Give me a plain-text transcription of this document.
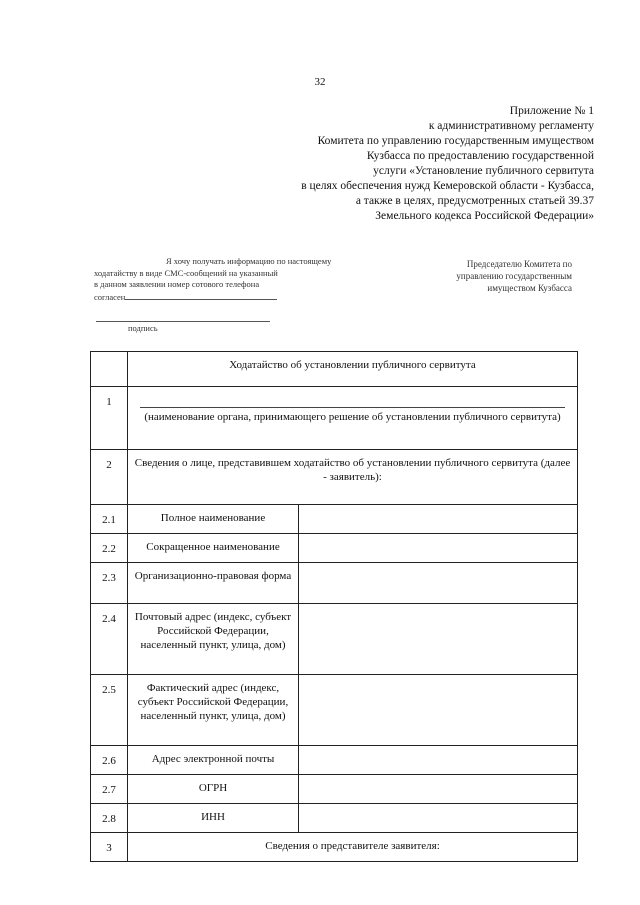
32
Приложение № 1
к административному регламенту
Комитета по управлению государственным имуществом
Кузбасса по предоставлению государственной
услуги «Установление публичного сервитута
в целях обеспечения нужд Кемеровской области - Кузбасса,
а также в целях, предусмотренных статьей 39.37
Земельного кодекса Российской Федерации»
Я хочу получать информацию по настоящему
ходатайству в виде СМС-сообщений на указанный
в данном заявлении номер сотового телефона
согласен
подпись
Председателю Комитета по
управлению государственным
имуществом Кузбасса
	Ходатайство об установлении публичного сервитута	
1	(наименование органа, принимающего решение об установлении публичного сервитута)	

2	Сведения о лице, представившем ходатайство об установлении публичного сервитута (далее - заявитель):	
2.1	Полное наименование	
2.2	Сокращенное наименование	
2.3	Организационно-правовая форма	
2.4	Почтовый адрес (индекс, субъект Российской Федерации, населенный пункт, улица, дом)	
2.5	Фактический адрес (индекс, субъект Российской Федерации, населенный пункт, улица, дом)	
2.6	Адрес электронной почты	
2.7	ОГРН	
2.8	ИНН	
3	Сведения о представителе заявителя:	
